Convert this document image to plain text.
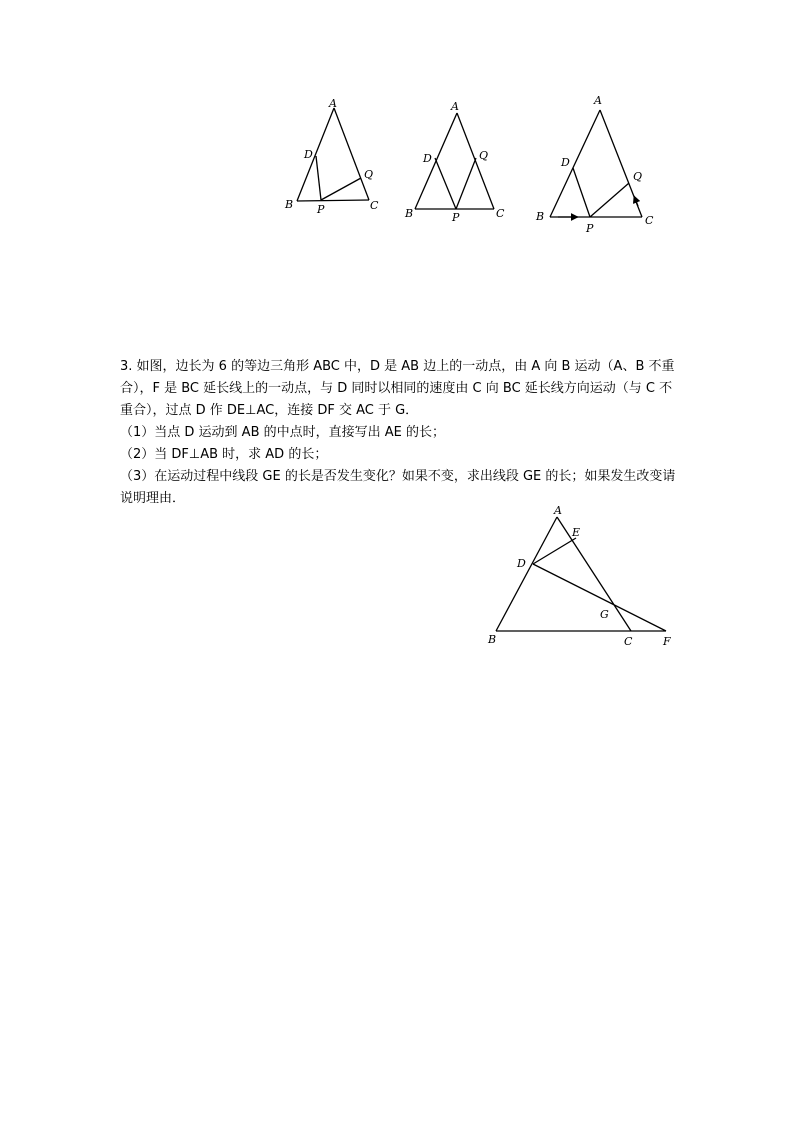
A
D
Q
B P	C
A
D	Q
B	P	C
A
D
Q
B
P
C

3. 如图，边长为 6 的等边三角形 ABC 中，D 是 AB 边上的一动点，由 A 向 B 运动（A、B 不重合），F 是 BC 延长线上的一动点，与 D 同时以相同的速度由 C 向 BC 延长线方向运动（与 C 不重合），过点 D 作 DE⊥AC，连接 DF 交 AC 于 G．

（1）当点 D 运动到 AB 的中点时，直接写出 AE 的长；

（2）当 DF⊥AB 时，求 AD 的长；

（3）在运动过程中线段 GE 的长是否发生变化？如果不变，求出线段 GE 的长；如果发生改变请说明理由．

A
E
D
G
B	C	F
